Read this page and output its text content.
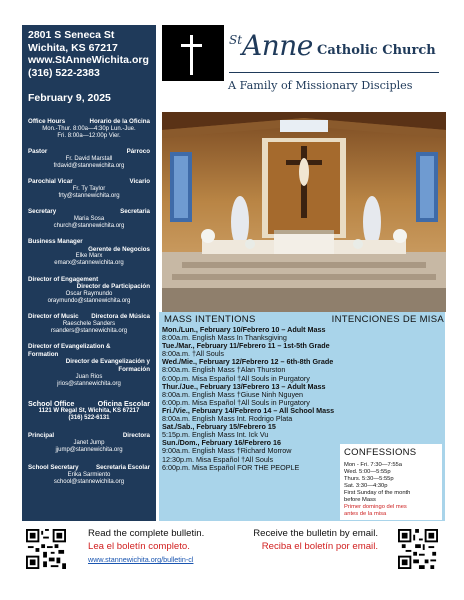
2801 S Seneca St
Wichita, KS 67217
www.StAnneWichita.org
(316) 522-2383
February 9, 2025
Office Hours	Horario de la Oficina
Mon.-Thur. 8:00a—4:30p Lun.-Jue.
Fri. 8:00a—12:00p Vier.
Pastor	Párroco
Fr. David Marstall
frdavid@stannewichita.org
Parochial Vicar	Vicario
Fr. Ty Taylor
frty@stannewichita.org
Secretary	Secretaria
Maria Sosa
church@stannewichita.org
Business Manager
Gerente de Negocios
Elke Marx
emarx@stannewichita.org
Director of Engagement
Director de Participación
Oscar Raymundo
oraymundo@stannewichita.org
Director of Music Directora de Música
Raeschele Sanders
rsanders@stannewichita.org
Director of Evangelization &
Formation
Director de Evangelización y
Formación
Juan Rios
jrios@stannewichita.org
School Office	Oficina Escolar
1121 W Regal St, Wichita, KS 67217
(316) 522-6131
Principal	Directora
Janet Jump
jjump@stannewichita.org
School Secretary	Secretaria Escolar
Erika Sarmiento
school@stannewichita.org
St Anne Catholic Church
A Family of Missionary Disciples
MASS INTENTIONS	INTENCIONES DE MISA
Mon./Lun., February 10/Febrero 10 – Adult Mass
8:00a.m. English Mass In Thanksgiving
Tue./Mar., February 11/Febrero 11 – 1st-5th Grade
8:00a.m. †All Souls
Wed./Mie., February 12/Febrero 12 – 6th-8th Grade
8:00a.m. English Mass †Alan Thurston
6:00p.m. Misa Español †All Souls in Purgatory
Thur./Jue., February 13/Febrero 13 – Adult Mass
8:00a.m. English Mass †Giuse Ninh Nguyen
6:00p.m. Misa Español †All Souls in Purgatory
Fri./Vie., February 14/Febrero 14 – All School Mass
8:00a.m. English Mass Int. Rodrigo Plata
Sat./Sab., February 15/Febrero 15
5:15p.m. English Mass Int. Ick Vu
Sun./Dom., February 16/Febrero 16
9:00a.m. English Mass †Richard Morrow
12:30p.m. Misa Español †All Souls
6:00p.m. Misa Español FOR THE PEOPLE
CONFESSIONS
Mon - Fri. 7:30—7:55a
Wed. 5:00—5:55p
Thurs. 5:30—5:55p
Sat. 3:30—4:30p
First Sunday of the month
before Mass
Primer domingo del mes
antes de la misa
Read the complete bulletin.	Receive the bulletin by email.
Lea el boletín completo.	Reciba el boletín por email.
www.stannewichita.org/bulletin-cl
